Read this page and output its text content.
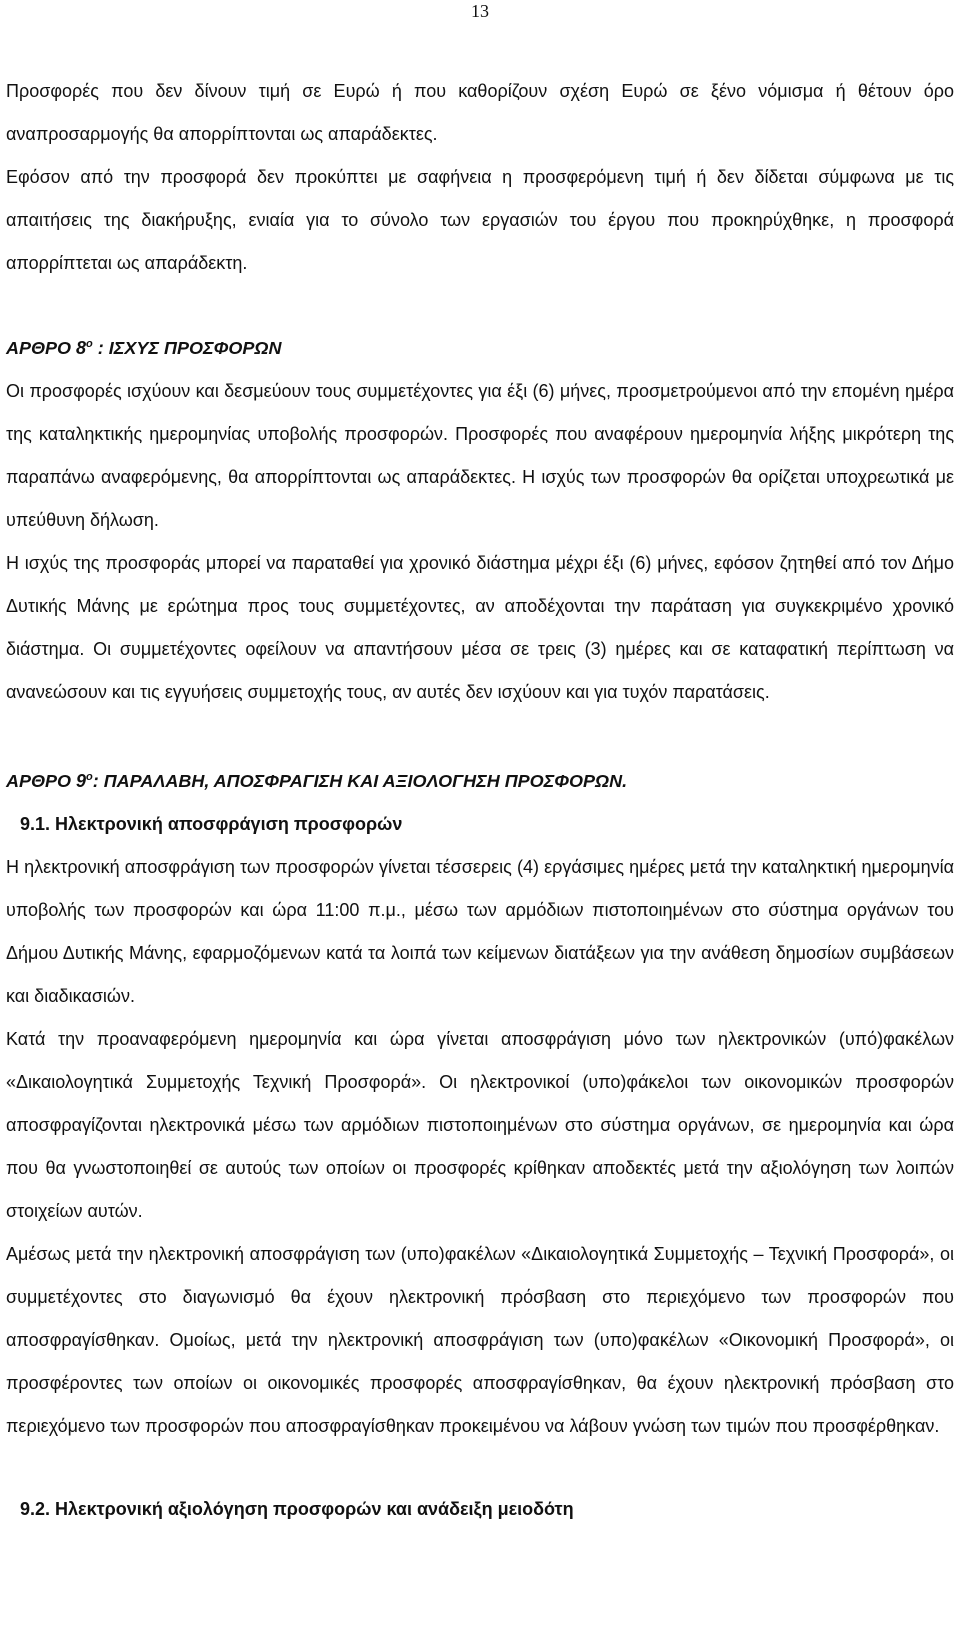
13

Προσφορές που δεν δίνουν τιμή σε Ευρώ ή που καθορίζουν σχέση Ευρώ σε ξένο νόμισμα ή θέτουν όρο αναπροσαρμογής θα απορρίπτονται ως απαράδεκτες.

Εφόσον από την προσφορά δεν προκύπτει με σαφήνεια η προσφερόμενη τιμή ή δεν δίδεται σύμφωνα με τις απαιτήσεις της διακήρυξης, ενιαία για το σύνολο των εργασιών του έργου που προκηρύχθηκε, η προσφορά απορρίπτεται ως απαράδεκτη.

ΑΡΘΡΟ $8^o$ : ΙΣΧΥΣ ΠΡΟΣΦΟΡΩΝ

Οι προσφορές ισχύουν και δεσμεύουν τους συμμετέχοντες για έξι (6) μήνες, προσμετρούμενοι από την επομένη ημέρα της καταληκτικής ημερομηνίας υποβολής προσφορών. Προσφορές που αναφέρουν ημερομηνία λήξης μικρότερη της παραπάνω αναφερόμενης, θα απορρίπτονται ως απαράδεκτες. Η ισχύς των προσφορών θα ορίζεται υποχρεωτικά με υπεύθυνη δήλωση.

Η ισχύς της προσφοράς μπορεί να παραταθεί για χρονικό διάστημα μέχρι έξι (6) μήνες, εφόσον ζητηθεί από τον Δήμο Δυτικής Μάνης με ερώτημα προς τους συμμετέχοντες, αν αποδέχονται την παράταση για συγκεκριμένο χρονικό διάστημα. Οι συμμετέχοντες οφείλουν να απαντήσουν μέσα σε τρεις (3) ημέρες και σε καταφατική περίπτωση να ανανεώσουν και τις εγγυήσεις συμμετοχής τους, αν αυτές δεν ισχύουν και για τυχόν παρατάσεις.

ΑΡΘΡΟ $9^o$: ΠΑΡΑΛΑΒΗ, ΑΠΟΣΦΡΑΓΙΣΗ ΚΑΙ ΑΞΙΟΛΟΓΗΣΗ ΠΡΟΣΦΟΡΩΝ.

9.1. Ηλεκτρονική αποσφράγιση προσφορών

Η ηλεκτρονική αποσφράγιση των προσφορών γίνεται τέσσερεις (4) εργάσιμες ημέρες μετά την καταληκτική ημερομηνία υποβολής των προσφορών και ώρα 11:00 π.μ., μέσω των αρμόδιων πιστοποιημένων στο σύστημα οργάνων του Δήμου Δυτικής Μάνης, εφαρμοζόμενων κατά τα λοιπά των κείμενων διατάξεων για την ανάθεση δημοσίων συμβάσεων και διαδικασιών.

Κατά την προαναφερόμενη ημερομηνία και ώρα γίνεται αποσφράγιση μόνο των ηλεκτρονικών (υπό)φακέλων «Δικαιολογητικά Συμμετοχής Τεχνική Προσφορά». Οι ηλεκτρονικοί (υπο)φάκελοι των οικονομικών προσφορών αποσφραγίζονται ηλεκτρονικά μέσω των αρμόδιων πιστοποιημένων στο σύστημα οργάνων, σε ημερομηνία και ώρα που θα γνωστοποιηθεί σε αυτούς των οποίων οι προσφορές κρίθηκαν αποδεκτές μετά την αξιολόγηση των λοιπών στοιχείων αυτών.

Αμέσως μετά την ηλεκτρονική αποσφράγιση των (υπο)φακέλων «Δικαιολογητικά Συμμετοχής – Τεχνική Προσφορά», οι συμμετέχοντες στο διαγωνισμό θα έχουν ηλεκτρονική πρόσβαση στο περιεχόμενο των προσφορών που αποσφραγίσθηκαν. Ομοίως, μετά την ηλεκτρονική αποσφράγιση των (υπο)φακέλων «Οικονομική Προσφορά», οι προσφέροντες των οποίων οι οικονομικές προσφορές αποσφραγίσθηκαν, θα έχουν ηλεκτρονική πρόσβαση στο περιεχόμενο των προσφορών που αποσφραγίσθηκαν προκειμένου να λάβουν γνώση των τιμών που προσφέρθηκαν.

9.2. Ηλεκτρονική αξιολόγηση προσφορών και ανάδειξη μειοδότη
